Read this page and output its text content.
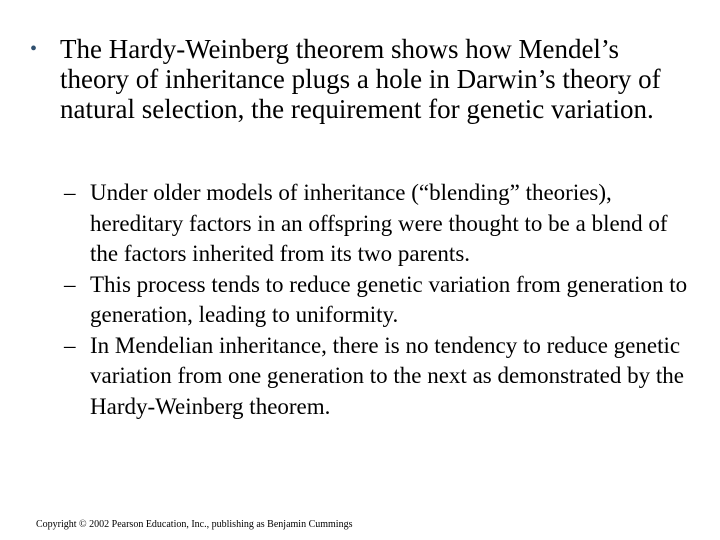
• The Hardy-Weinberg theorem shows how Mendel’s theory of inheritance plugs a hole in Darwin’s theory of natural selection, the requirement for genetic variation.
– Under older models of inheritance (“blending” theories), hereditary factors in an offspring were thought to be a blend of the factors inherited from its two parents.
– This process tends to reduce genetic variation from generation to generation, leading to uniformity.
– In Mendelian inheritance, there is no tendency to reduce genetic variation from one generation to the next as demonstrated by the Hardy-Weinberg theorem.
Copyright © 2002 Pearson Education, Inc., publishing as Benjamin Cummings
